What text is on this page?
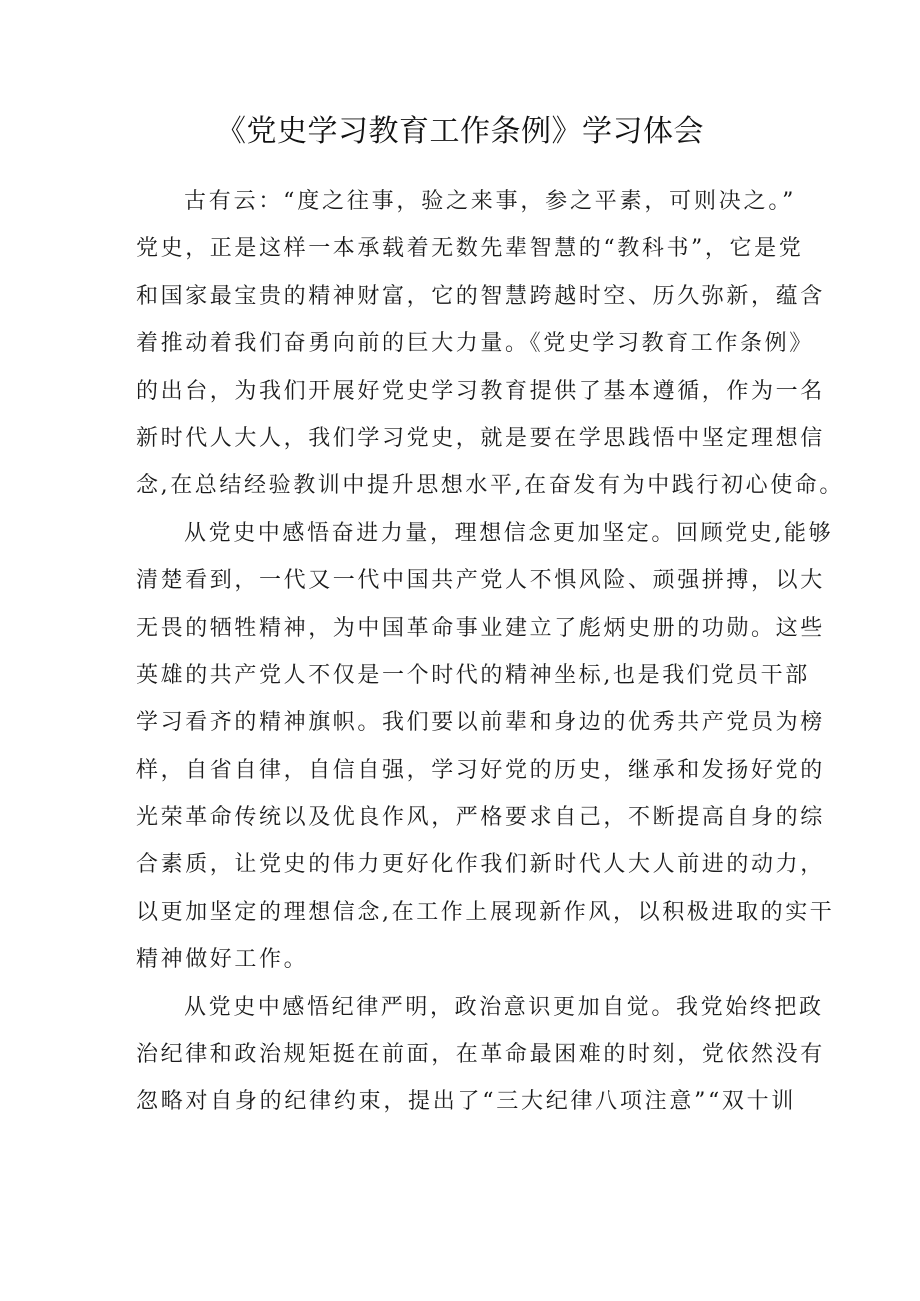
《党史学习教育工作条例》学习体会
古有云：“度之往事，验之来事，参之平素，可则决之。”
党史，正是这样一本承载着无数先辈智慧的“教科书”，它是党
和国家最宝贵的精神财富，它的智慧跨越时空、历久弥新，蕴含
着推动着我们奋勇向前的巨大力量。《党史学习教育工作条例》
的出台，为我们开展好党史学习教育提供了基本遵循，作为一名
新时代人大人，我们学习党史，就是要在学思践悟中坚定理想信
念,在总结经验教训中提升思想水平,在奋发有为中践行初心使命。
从党史中感悟奋进力量，理想信念更加坚定。回顾党史,能够
清楚看到，一代又一代中国共产党人不惧风险、顽强拼搏，以大
无畏的牺牲精神，为中国革命事业建立了彪炳史册的功勋。这些
英雄的共产党人不仅是一个时代的精神坐标,也是我们党员干部
学习看齐的精神旗帜。我们要以前辈和身边的优秀共产党员为榜
样，自省自律，自信自强，学习好党的历史，继承和发扬好党的
光荣革命传统以及优良作风，严格要求自己，不断提高自身的综
合素质，让党史的伟力更好化作我们新时代人大人前进的动力，
以更加坚定的理想信念,在工作上展现新作风，以积极进取的实干
精神做好工作。
从党史中感悟纪律严明，政治意识更加自觉。我党始终把政
治纪律和政治规矩挺在前面，在革命最困难的时刻，党依然没有
忽略对自身的纪律约束，提出了“三大纪律八项注意”“双十训
